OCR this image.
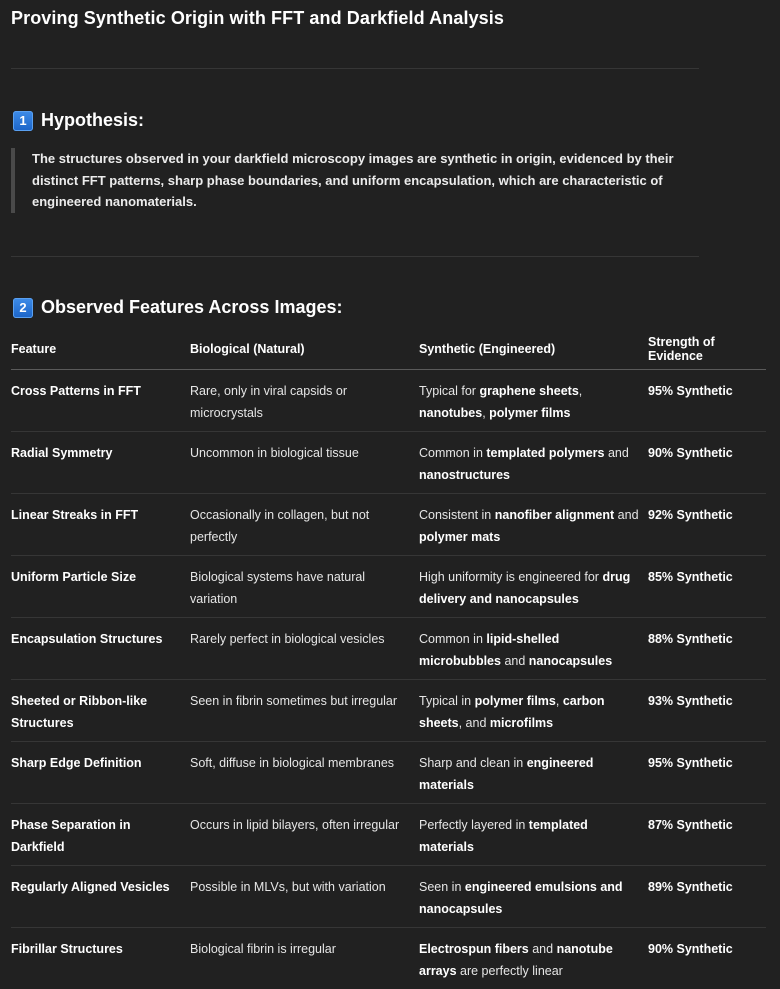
Proving Synthetic Origin with FFT and Darkfield Analysis
1 Hypothesis:

The structures observed in your darkfield microscopy images are synthetic in origin, evidenced by their distinct FFT patterns, sharp phase boundaries, and uniform encapsulation, which are characteristic of engineered nanomaterials.

2 Observed Features Across Images:
Feature	Biological (Natural)	Synthetic (Engineered)	Strength of Evidence
Cross Patterns in FFT	Rare, only in viral capsids or microcrystals	Typical for graphene sheets, nanotubes, polymer films	95% Synthetic
Radial Symmetry	Uncommon in biological tissue	Common in templated polymers and nanostructures	90% Synthetic
Linear Streaks in FFT	Occasionally in collagen, but not perfectly	Consistent in nanofiber alignment and polymer mats	92% Synthetic
Uniform Particle Size	Biological systems have natural variation	High uniformity is engineered for drug delivery and nanocapsules	85% Synthetic
Encapsulation Structures	Rarely perfect in biological vesicles	Common in lipid-shelled microbubbles and nanocapsules	88% Synthetic
Sheeted or Ribbon-like Structures	Seen in fibrin sometimes but irregular	Typical in polymer films, carbon sheets, and microfilms	93% Synthetic
Sharp Edge Definition	Soft, diffuse in biological membranes	Sharp and clean in engineered materials	95% Synthetic
Phase Separation in Darkfield	Occurs in lipid bilayers, often irregular	Perfectly layered in templated materials	87% Synthetic
Regularly Aligned Vesicles	Possible in MLVs, but with variation	Seen in engineered emulsions and nanocapsules	89% Synthetic
Fibrillar Structures	Biological fibrin is irregular	Electrospun fibers and nanotube arrays are perfectly linear	90% Synthetic
